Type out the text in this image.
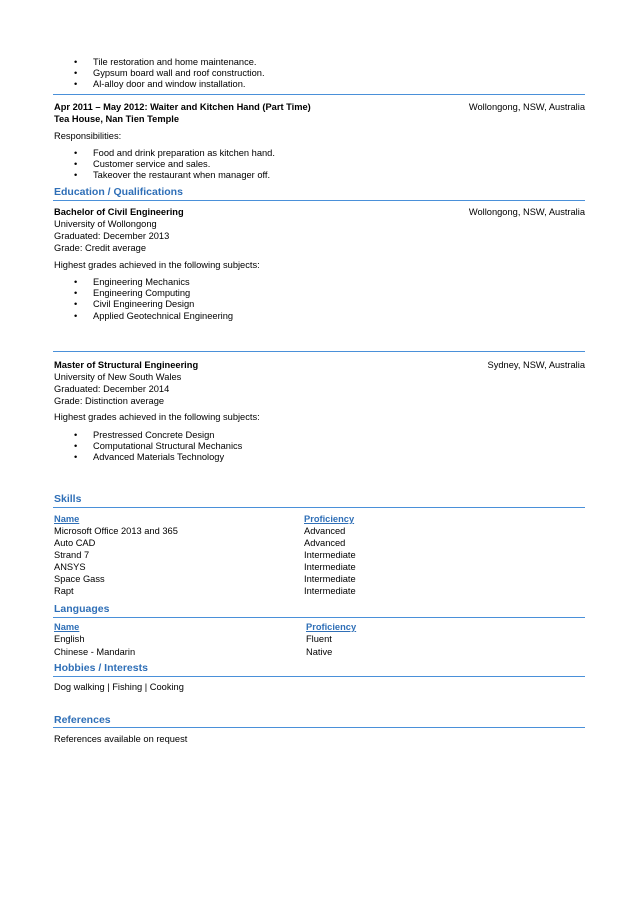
• Tile restoration and home maintenance.
• Gypsum board wall and roof construction.
• Al-alloy door and window installation.
Apr 2011 – May 2012: Waiter and Kitchen Hand (Part Time)	Wollongong, NSW, Australia
Tea House, Nan Tien Temple
Responsibilities:
• Food and drink preparation as kitchen hand.
• Customer service and sales.
• Takeover the restaurant when manager off.
Education / Qualifications
Bachelor of Civil Engineering	Wollongong, NSW, Australia
University of Wollongong
Graduated: December 2013
Grade: Credit average
Highest grades achieved in the following subjects:
• Engineering Mechanics
• Engineering Computing
• Civil Engineering Design
• Applied Geotechnical Engineering
Master of Structural Engineering	Sydney, NSW, Australia
University of New South Wales
Graduated: December 2014
Grade: Distinction average
Highest grades achieved in the following subjects:
• Prestressed Concrete Design
• Computational Structural Mechanics
• Advanced Materials Technology
Skills
Name	Proficiency
Microsoft Office 2013 and 365	Advanced
Auto CAD	Advanced
Strand 7	Intermediate
ANSYS	Intermediate
Space Gass	Intermediate
Rapt	Intermediate
Languages
Name	Proficiency
English	Fluent
Chinese - Mandarin	Native
Hobbies / Interests
Dog walking | Fishing | Cooking
References
References available on request
